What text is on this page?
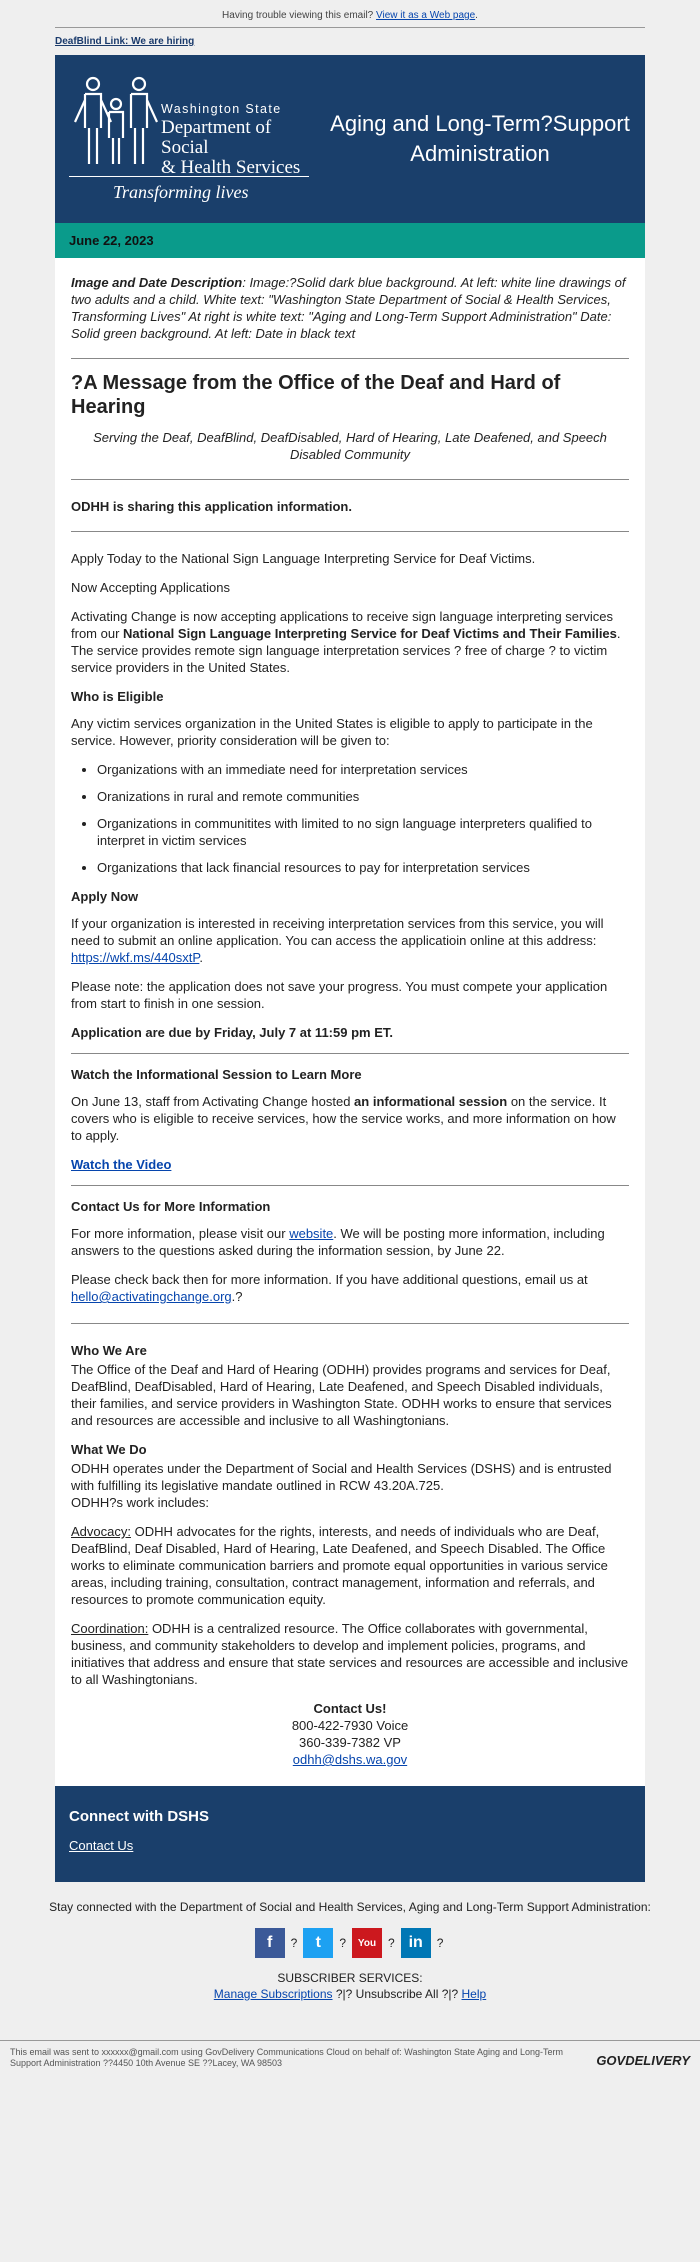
Having trouble viewing this email? View it as a Web page.
DeafBlind Link: We are hiring
Washington State
Department of Social
& Health Services
Transforming lives
Aging and Long-Term?Support Administration
June 22, 2023
Image and Date Description: Image:?Solid dark blue background. At left: white line drawings of two adults and a child. White text: "Washington State Department of Social & Health Services, Transforming Lives" At right is white text: "Aging and Long-Term Support Administration" Date: Solid green background. At left: Date in black text
?A Message from the Office of the Deaf and Hard of Hearing
Serving the Deaf, DeafBlind, DeafDisabled, Hard of Hearing, Late Deafened, and Speech Disabled Community
ODHH is sharing this application information.

Apply Today to the National Sign Language Interpreting Service for Deaf Victims.

Now Accepting Applications

Activating Change is now accepting applications to receive sign language interpreting services from our National Sign Language Interpreting Service for Deaf Victims and Their Families. The service provides remote sign language interpretation services ? free of charge ? to victim service providers in the United States.

Who is Eligible

Any victim services organization in the United States is eligible to apply to participate in the service. However, priority consideration will be given to:

• Organizations with an immediate need for interpretation services
• Oranizations in rural and remote communities
• Organizations in communitites with limited to no sign language interpreters qualified to interpret in victim services
• Organizations that lack financial resources to pay for interpretation services
Apply Now

If your organization is interested in receiving interpretation services from this service, you will need to submit an online application. You can access the applicatioin online at this address: https://wkf.ms/440sxtP.

Please note: the application does not save your progress. You must compete your application from start to finish in one session.

Application are due by Friday, July 7 at 11:59 pm ET.

Watch the Informational Session to Learn More

On June 13, staff from Activating Change hosted an informational session on the service. It covers who is eligible to receive services, how the service works, and more information on how to apply.

Watch the Video

Contact Us for More Information

For more information, please visit our website. We will be posting more information, including answers to the questions asked during the information session, by June 22.

Please check back then for more information. If you have additional questions, email us at hello@activatingchange.org.?

Who We Are

The Office of the Deaf and Hard of Hearing (ODHH) provides programs and services for Deaf, DeafBlind, DeafDisabled, Hard of Hearing, Late Deafened, and Speech Disabled individuals, their families, and service providers in Washington State. ODHH works to ensure that services and resources are accessible and inclusive to all Washingtonians.

What We Do
ODHH operates under the Department of Social and Health Services (DSHS) and is entrusted with fulfilling its legislative mandate outlined in RCW 43.20A.725.

ODHH?s work includes:

Advocacy: ODHH advocates for the rights, interests, and needs of individuals who are Deaf, DeafBlind, Deaf Disabled, Hard of Hearing, Late Deafened, and Speech Disabled. The Office works to eliminate communication barriers and promote equal opportunities in various service areas, including training, consultation, contract management, information and referrals, and resources to promote communication equity.

Coordination: ODHH is a centralized resource. The Office collaborates with governmental, business, and community stakeholders to develop and implement policies, programs, and initiatives that address and ensure that state services and resources are accessible and inclusive to all Washingtonians.

Contact Us!
800-422-7930 Voice
360-339-7382 VP
odhh@dshs.wa.gov
Connect with DSHS
Contact Us
Stay connected with the Department of Social and Health Services, Aging and Long-Term Support Administration:
f	?	t	?	You ? in	?
SUBSCRIBER SERVICES:
Manage Subscriptions ?|? Unsubscribe All ?|? Help
This email was sent to xxxxxx@gmail.com using GovDelivery Communications Cloud on behalf of: Washington State Aging and Long-Term Support Administration ??4450 10th Avenue SE ??Lacey, WA 98503	GOVDELIVERY
